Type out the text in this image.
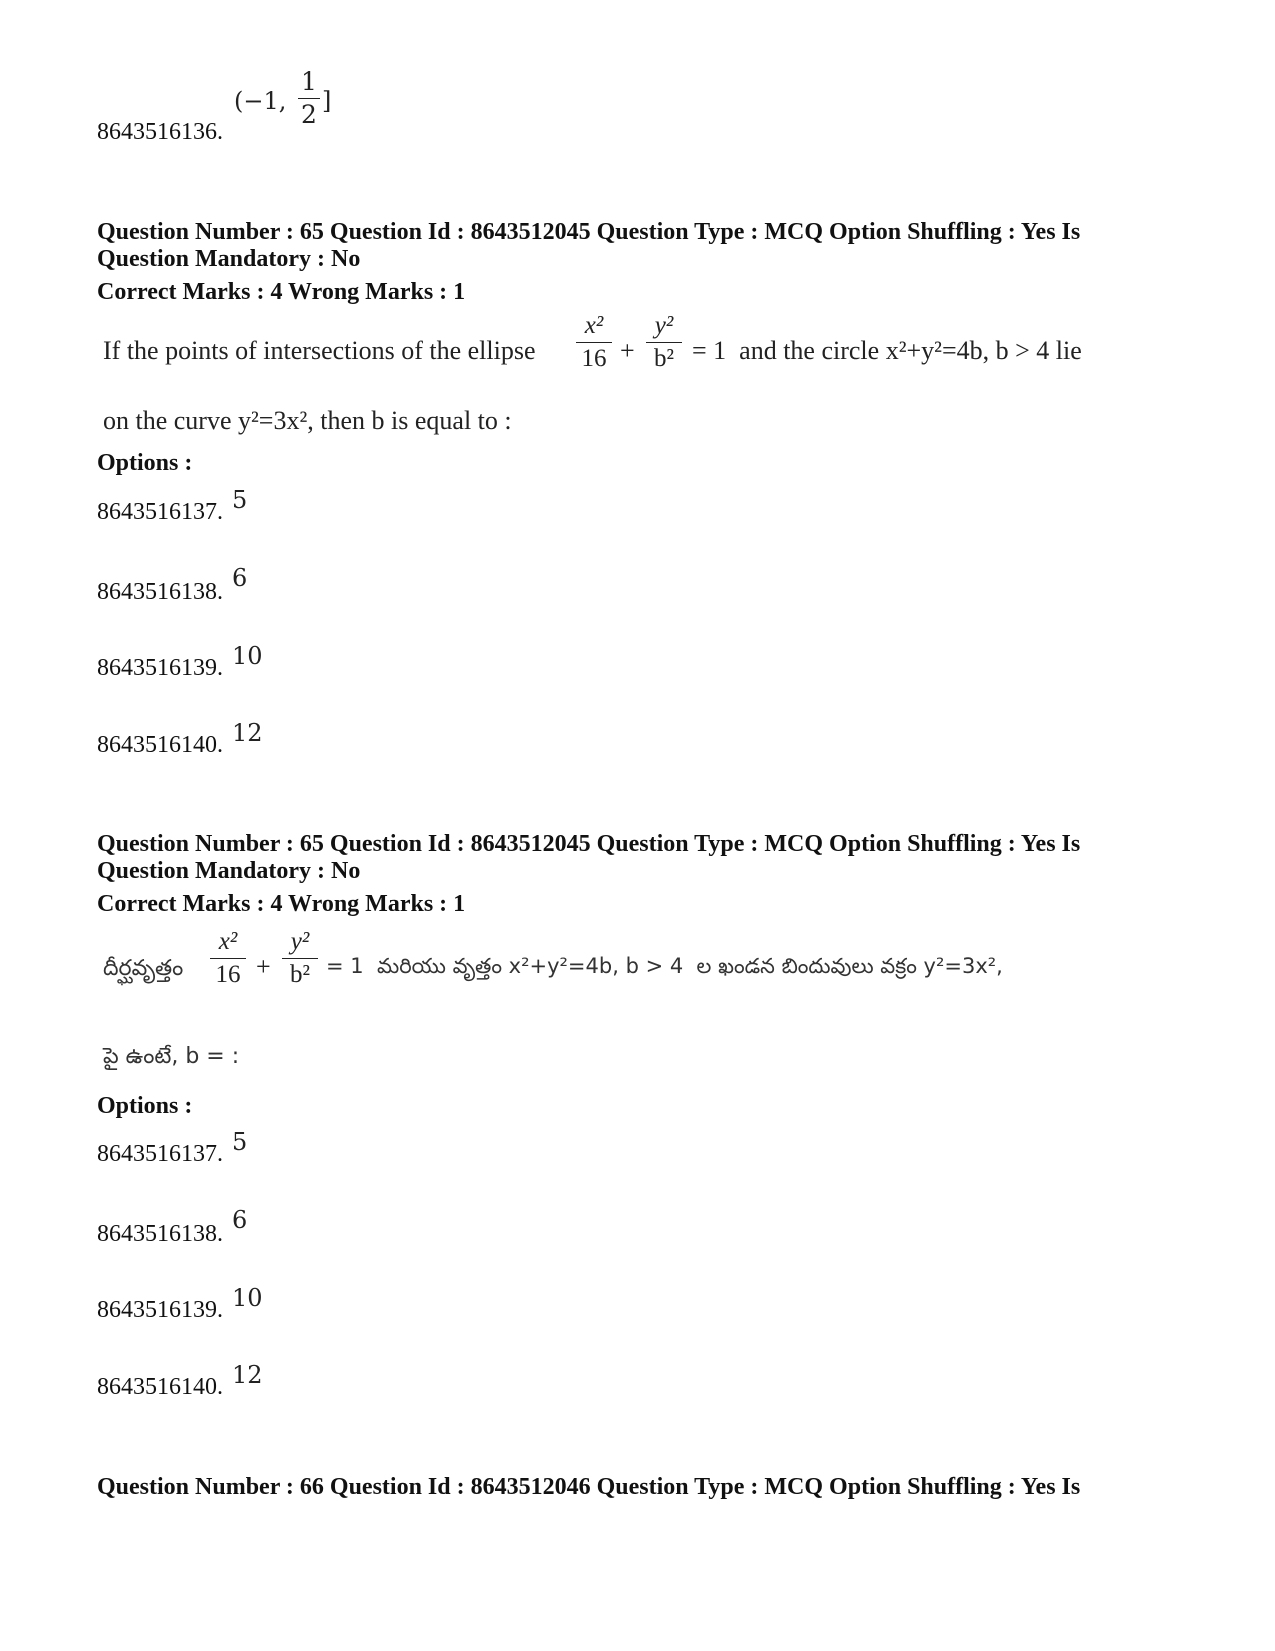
8643516136.
(−1,
1
2 ]
Question Number : 65 Question Id : 8643512045 Question Type : MCQ Option Shuffling : Yes Is
Question Mandatory : No
Correct Marks : 4 Wrong Marks : 1
If the points of intersections of the ellipse
x²
16 +
y²
b² = 1  and the circle x²+y²=4b, b > 4 lie
on the curve y²=3x², then b is equal to :
Options :
8643516137. 5
8643516138. 6
8643516139. 10
8643516140. 12
Question Number : 65 Question Id : 8643512045 Question Type : MCQ Option Shuffling : Yes Is
Question Mandatory : No
Correct Marks : 4 Wrong Marks : 1
దీర్ఘవృత్తం
x²
16 +
y²
b² = 1  మరియు వృత్తం x²+y²=4b, b > 4  ల ఖండన బిందువులు వక్రం y²=3x²,
పై ఉంటే, b = :
Options :
8643516137. 5
8643516138. 6
8643516139. 10
8643516140. 12
Question Number : 66 Question Id : 8643512046 Question Type : MCQ Option Shuffling : Yes Is
